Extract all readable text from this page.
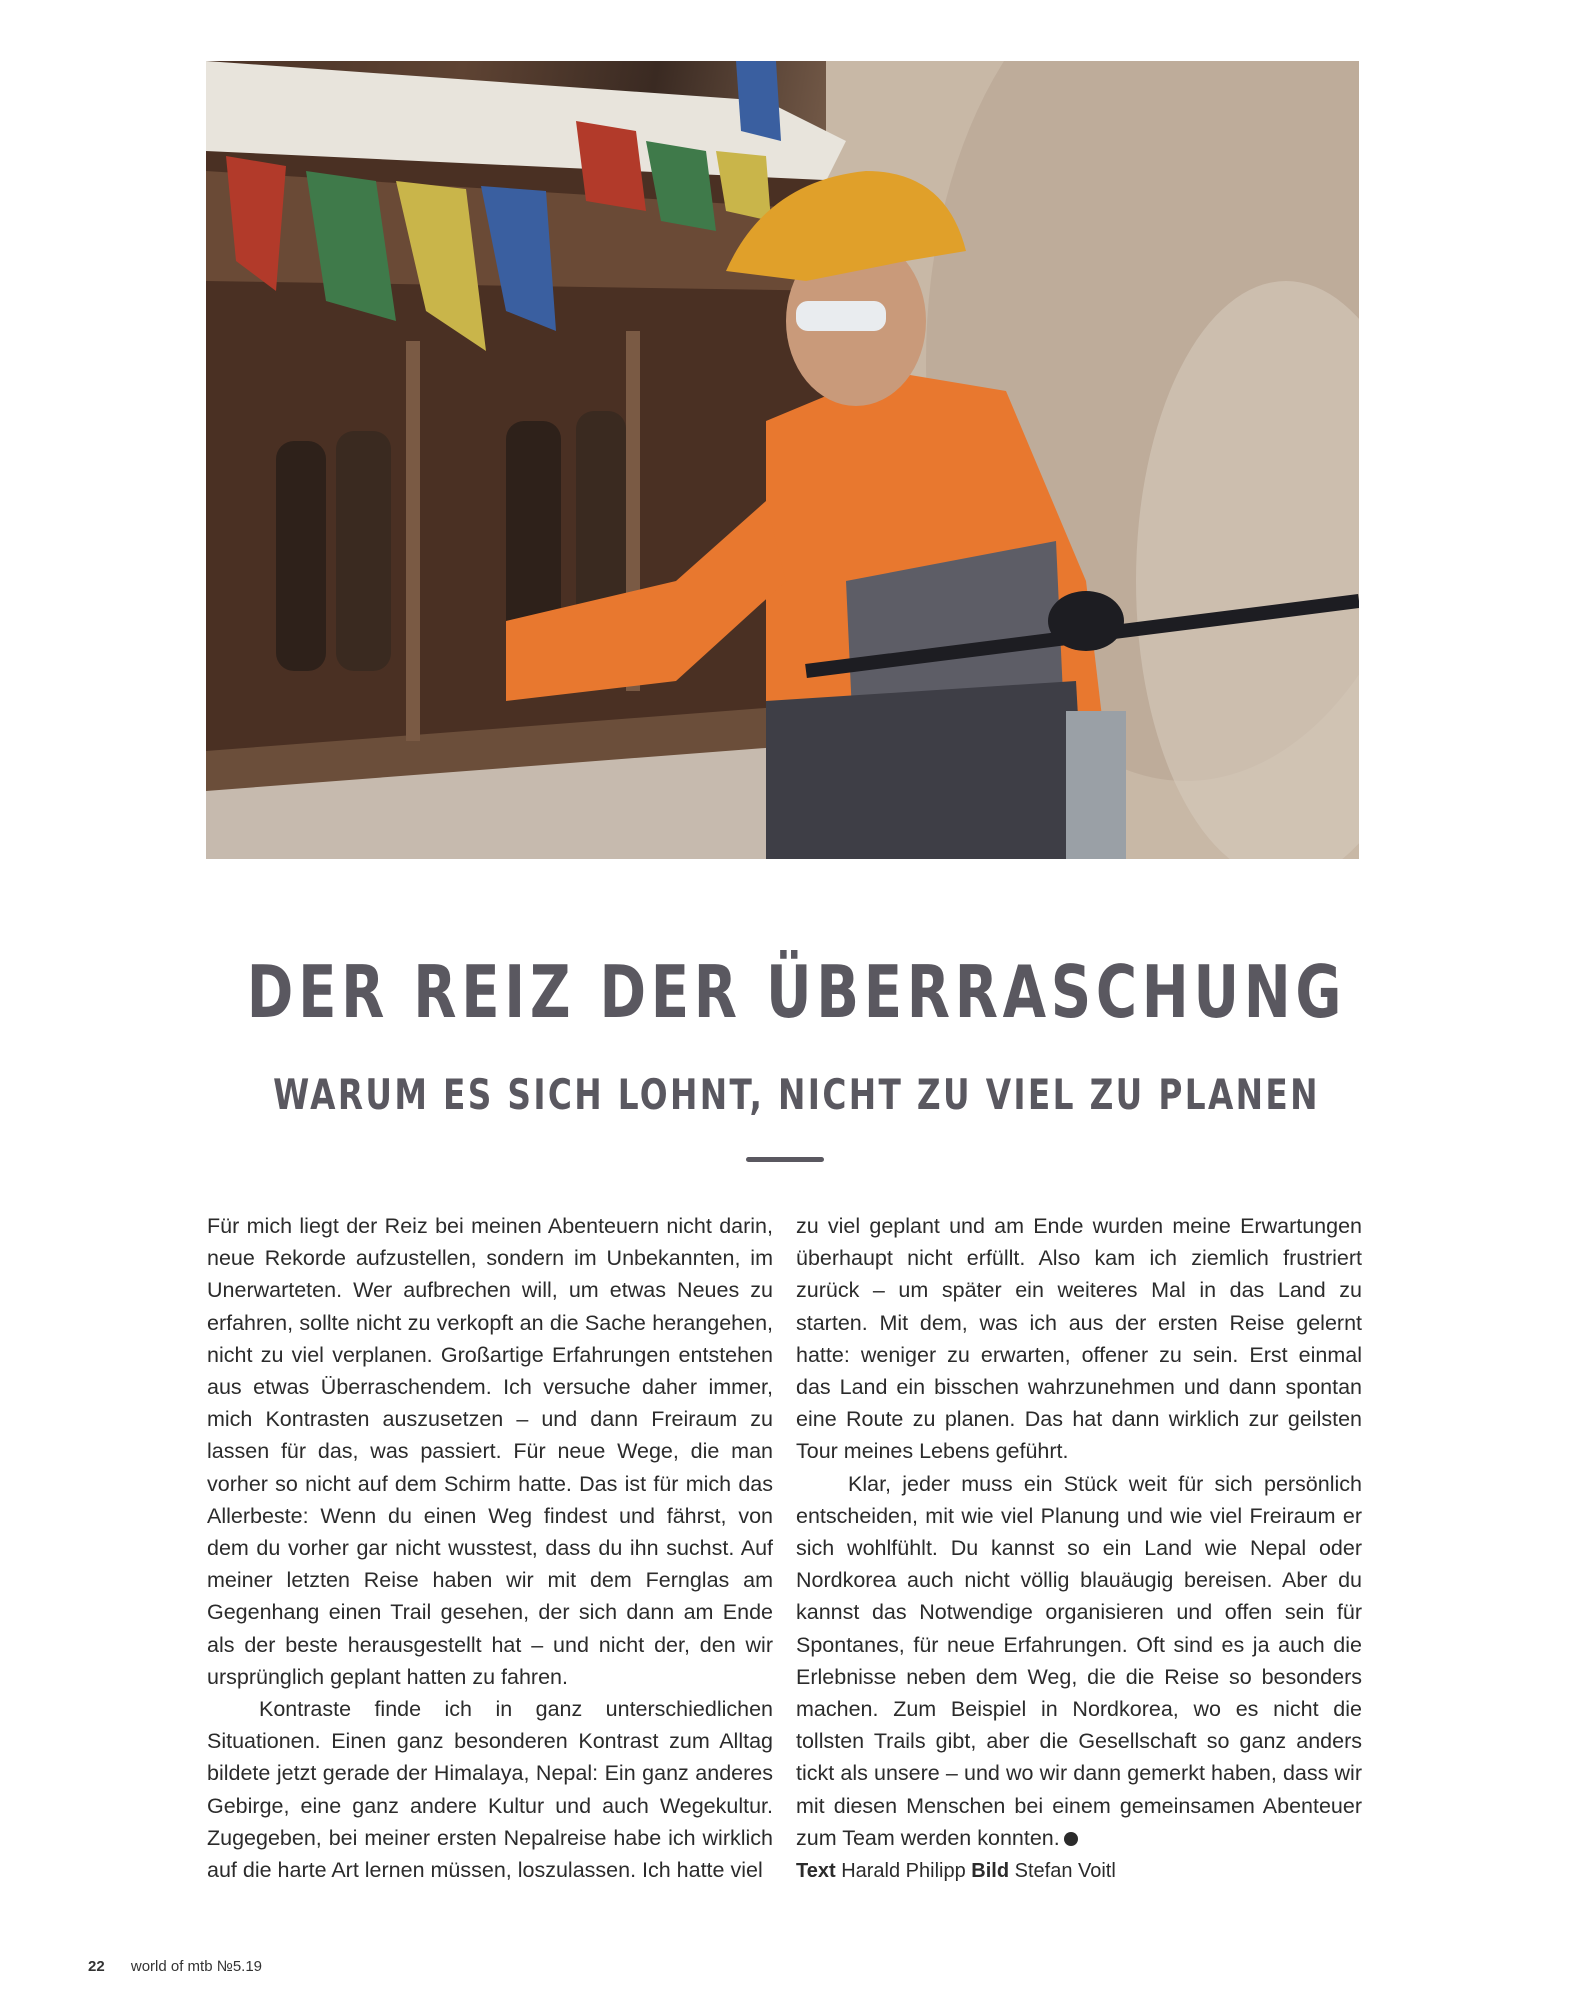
DER REIZ DER ÜBERRASCHUNG
WARUM ES SICH LOHNT, NICHT ZU VIEL ZU PLANEN

Für mich liegt der Reiz bei meinen Abenteuern nicht darin, neue Rekorde aufzustellen, sondern im Unbekannten, im Unerwarteten. Wer aufbrechen will, um etwas Neues zu erfahren, sollte nicht zu verkopft an die Sache herangehen, nicht zu viel verplanen. Großartige Erfahrungen entstehen aus etwas Überraschendem. Ich versuche daher immer, mich Kontrasten auszusetzen – und dann Freiraum zu lassen für das, was passiert. Für neue Wege, die man vorher so nicht auf dem Schirm hatte. Das ist für mich das Allerbeste: Wenn du einen Weg findest und fährst, von dem du vorher gar nicht wusstest, dass du ihn suchst. Auf meiner letzten Reise haben wir mit dem Fernglas am Gegenhang einen Trail gesehen, der sich dann am Ende als der beste herausgestellt hat – und nicht der, den wir ursprünglich geplant hatten zu fahren.

Kontraste finde ich in ganz unterschiedlichen Situationen. Einen ganz besonderen Kontrast zum Alltag bildete jetzt gerade der Himalaya, Nepal: Ein ganz anderes Gebirge, eine ganz andere Kultur und auch Wegekultur. Zugegeben, bei meiner ersten Nepalreise habe ich wirklich auf die harte Art lernen müssen, loszulassen. Ich hatte viel

zu viel geplant und am Ende wurden meine Erwartungen überhaupt nicht erfüllt. Also kam ich ziemlich frustriert zurück – um später ein weiteres Mal in das Land zu starten. Mit dem, was ich aus der ersten Reise gelernt hatte: weniger zu erwarten, offener zu sein. Erst einmal das Land ein bisschen wahrzunehmen und dann spontan eine Route zu planen. Das hat dann wirklich zur geilsten Tour meines Lebens geführt.

Klar, jeder muss ein Stück weit für sich persönlich entscheiden, mit wie viel Planung und wie viel Freiraum er sich wohlfühlt. Du kannst so ein Land wie Nepal oder Nordkorea auch nicht völlig blauäugig bereisen. Aber du kannst das Notwendige organisieren und offen sein für Spontanes, für neue Erfahrungen. Oft sind es ja auch die Erlebnisse neben dem Weg, die die Reise so besonders machen. Zum Beispiel in Nordkorea, wo es nicht die tollsten Trails gibt, aber die Gesellschaft so ganz anders tickt als unsere – und wo wir dann gemerkt haben, dass wir mit diesen Menschen bei einem gemeinsamen Abenteuer zum Team werden konnten.

Text Harald Philipp Bild Stefan Voitl
22 world of mtb №5.19
